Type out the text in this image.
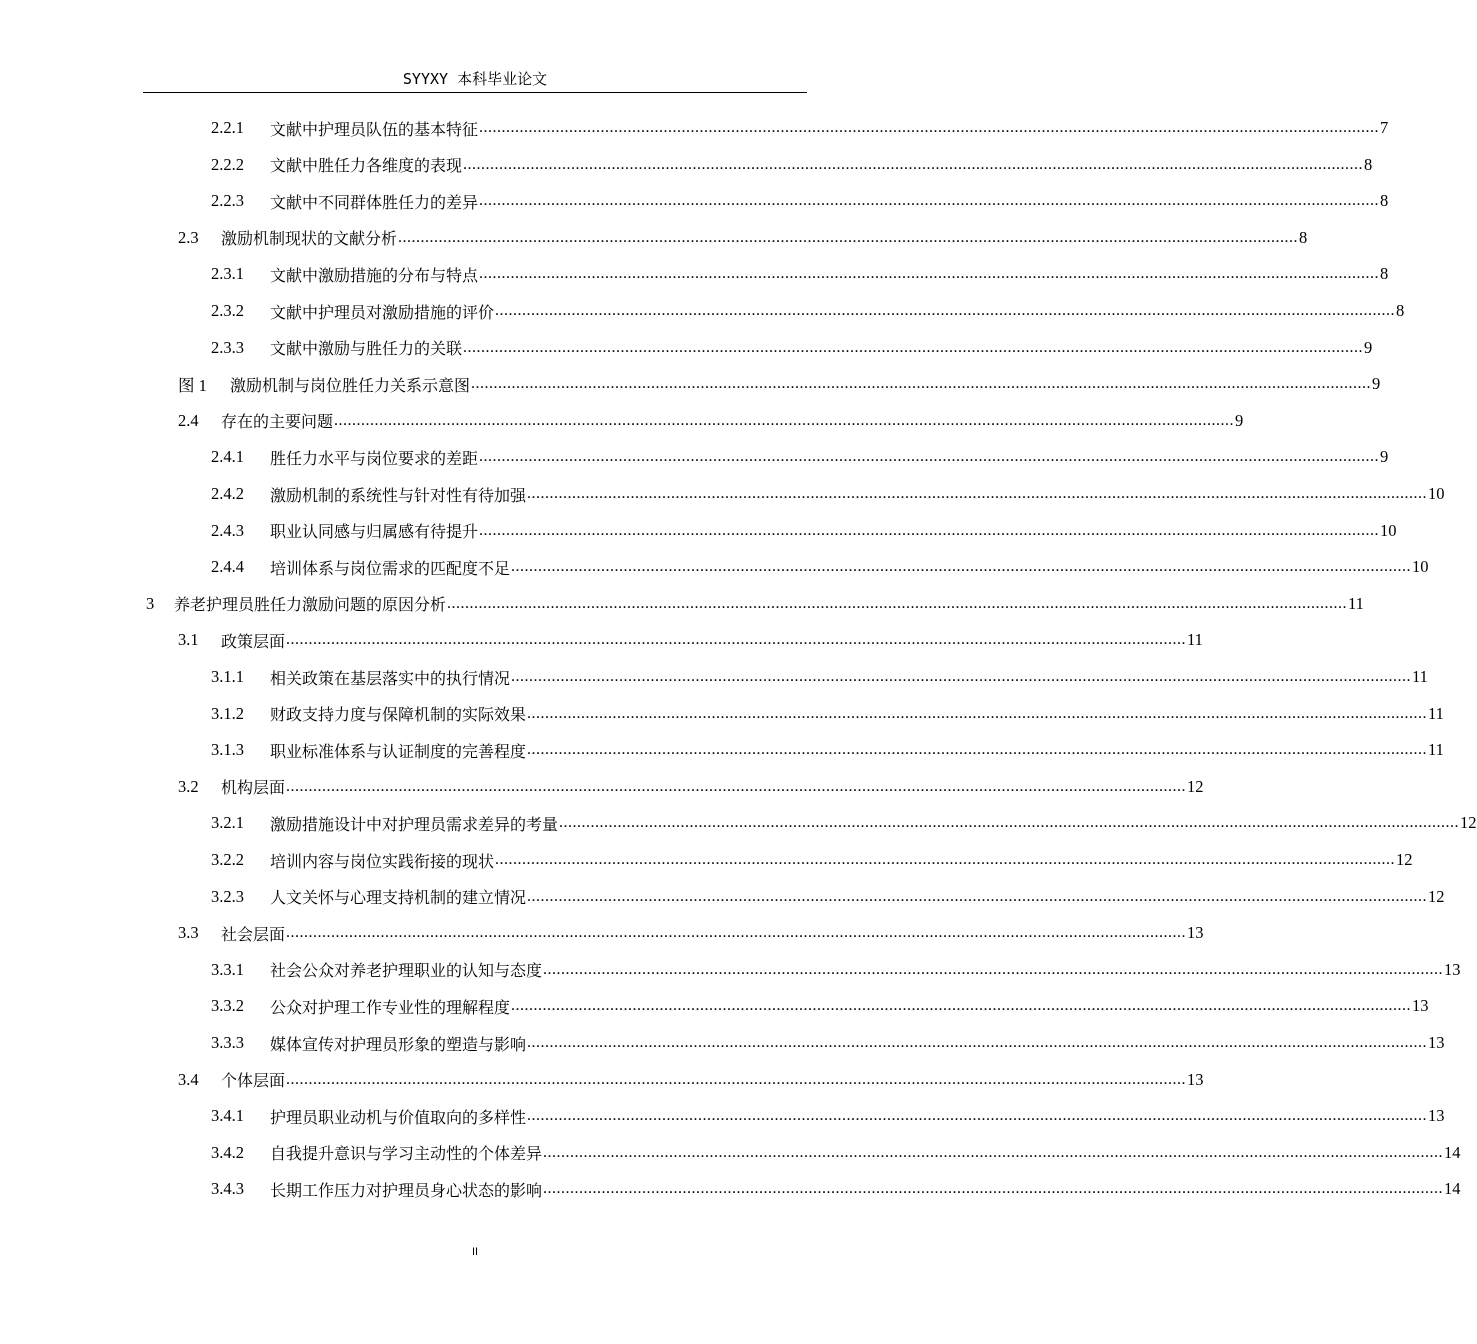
SYYXY 本科毕业论文
2.2.1	文献中护理员队伍的基本特征 ........................................................................................................................................................................................................ 7
2.2.2	文献中胜任力各维度的表现 ........................................................................................................................................................................................................ 8
2.2.3	文献中不同群体胜任力的差异 ........................................................................................................................................................................................................ 8
2.3	激励机制现状的文献分析 ........................................................................................................................................................................................................ 8
2.3.1	文献中激励措施的分布与特点 ........................................................................................................................................................................................................ 8
2.3.2	文献中护理员对激励措施的评价 ........................................................................................................................................................................................................ 8
2.3.3	文献中激励与胜任力的关联 ........................................................................................................................................................................................................ 9
图 1	激励机制与岗位胜任力关系示意图 ........................................................................................................................................................................................................ 9
2.4	存在的主要问题 ........................................................................................................................................................................................................ 9
2.4.1	胜任力水平与岗位要求的差距 ........................................................................................................................................................................................................ 9
2.4.2	激励机制的系统性与针对性有待加强 ........................................................................................................................................................................................................ 10
2.4.3	职业认同感与归属感有待提升 ........................................................................................................................................................................................................ 10
2.4.4	培训体系与岗位需求的匹配度不足 ........................................................................................................................................................................................................ 10
3	养老护理员胜任力激励问题的原因分析 ........................................................................................................................................................................................................ 11
3.1	政策层面 ........................................................................................................................................................................................................ 11
3.1.1	相关政策在基层落实中的执行情况 ........................................................................................................................................................................................................ 11
3.1.2	财政支持力度与保障机制的实际效果 ........................................................................................................................................................................................................ 11
3.1.3	职业标准体系与认证制度的完善程度 ........................................................................................................................................................................................................ 11
3.2	机构层面 ........................................................................................................................................................................................................ 12
3.2.1	激励措施设计中对护理员需求差异的考量 ........................................................................................................................................................................................................ 12
3.2.2	培训内容与岗位实践衔接的现状 ........................................................................................................................................................................................................ 12
3.2.3	人文关怀与心理支持机制的建立情况 ........................................................................................................................................................................................................ 12
3.3	社会层面 ........................................................................................................................................................................................................ 13
3.3.1	社会公众对养老护理职业的认知与态度 ........................................................................................................................................................................................................ 13
3.3.2	公众对护理工作专业性的理解程度 ........................................................................................................................................................................................................ 13
3.3.3	媒体宣传对护理员形象的塑造与影响 ........................................................................................................................................................................................................ 13
3.4	个体层面 ........................................................................................................................................................................................................ 13
3.4.1	护理员职业动机与价值取向的多样性 ........................................................................................................................................................................................................ 13
3.4.2	自我提升意识与学习主动性的个体差异 ........................................................................................................................................................................................................ 14
3.4.3	长期工作压力对护理员身心状态的影响 ........................................................................................................................................................................................................ 14
II
